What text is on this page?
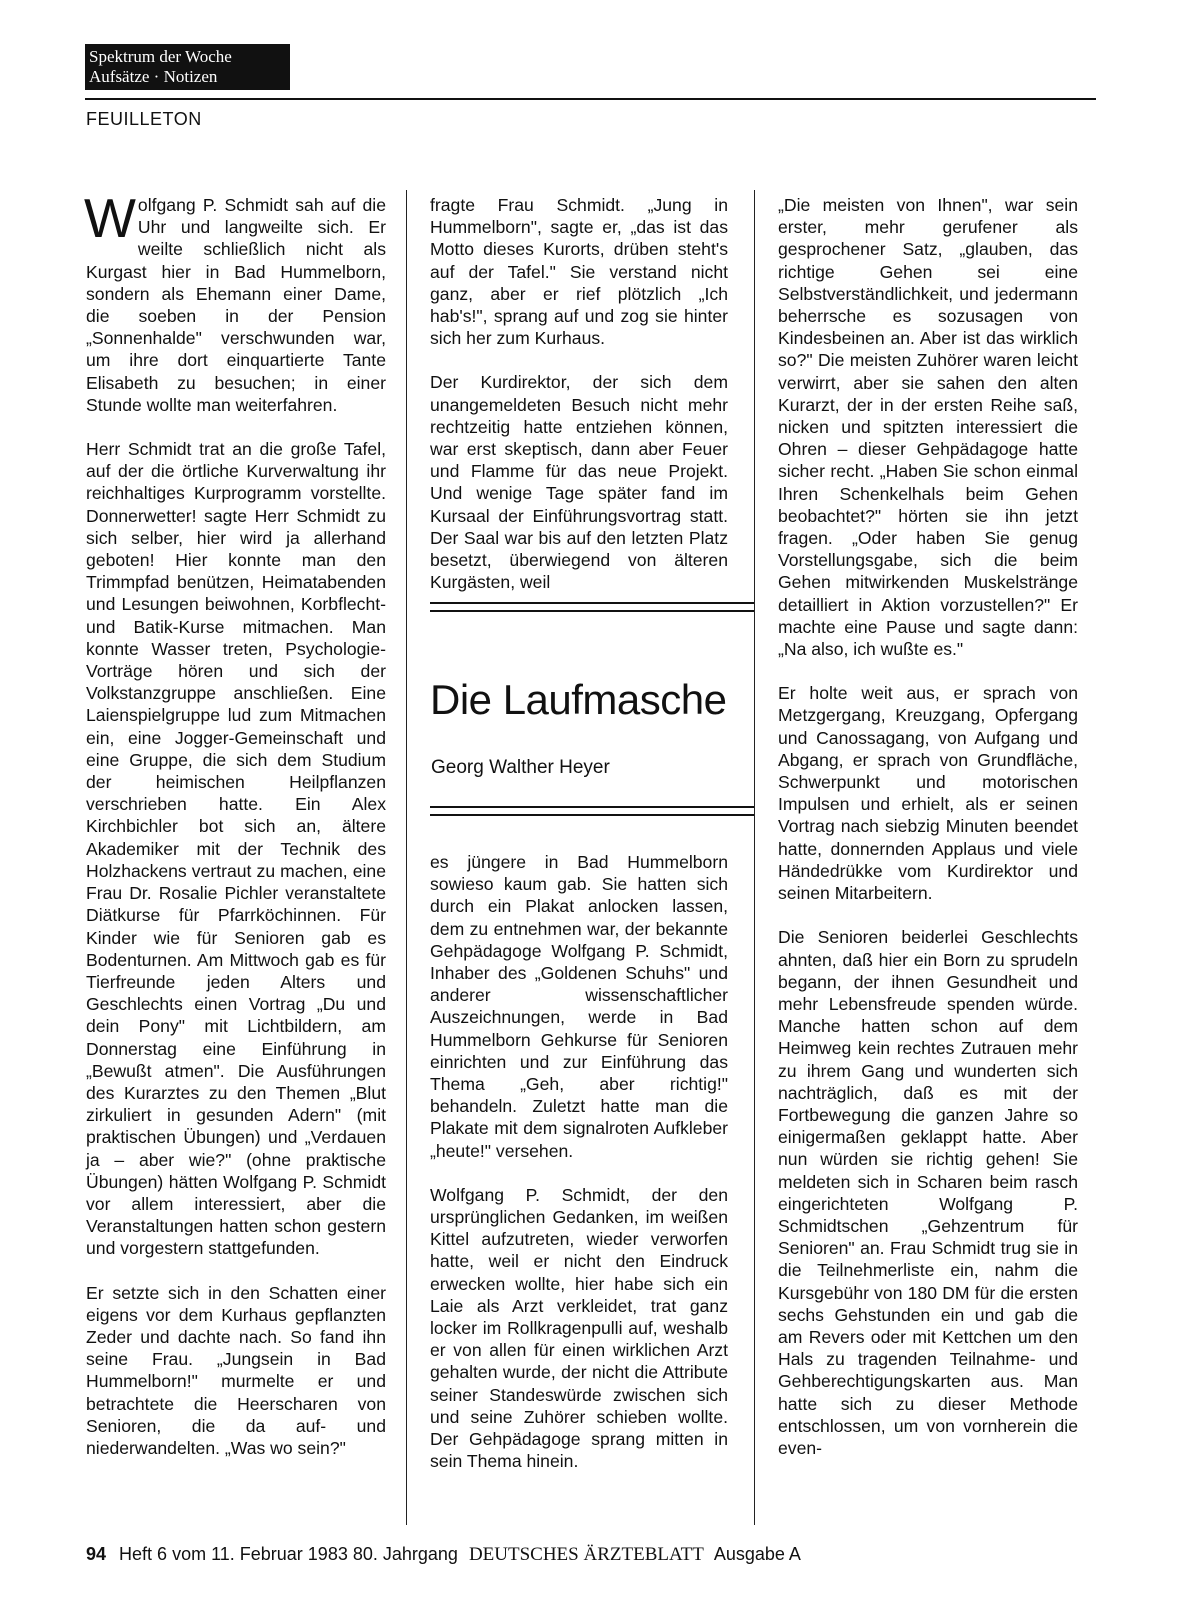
Spektrum der Woche
Aufsätze · Notizen
FEUILLETON

Wolfgang P. Schmidt sah auf die Uhr und langweilte sich. Er weilte schließlich nicht als Kurgast hier in Bad Hummelborn, sondern als Ehemann einer Dame, die soeben in der Pension „Sonnenhalde" verschwunden war, um ihre dort einquartierte Tante Elisabeth zu besuchen; in einer Stunde wollte man weiterfahren.

Herr Schmidt trat an die große Tafel, auf der die örtliche Kurverwaltung ihr reichhaltiges Kurprogramm vorstellte. Donnerwetter! sagte Herr Schmidt zu sich selber, hier wird ja allerhand geboten! Hier konnte man den Trimmpfad benützen, Heimatabenden und Lesungen beiwohnen, Korbflecht- und Batik-Kurse mitmachen. Man konnte Wasser treten, Psychologie-Vorträge hören und sich der Volkstanzgruppe anschließen. Eine Laienspielgruppe lud zum Mitmachen ein, eine Jogger-Gemeinschaft und eine Gruppe, die sich dem Studium der heimischen Heilpflanzen verschrieben hatte. Ein Alex Kirchbichler bot sich an, ältere Akademiker mit der Technik des Holzhackens vertraut zu machen, eine Frau Dr. Rosalie Pichler veranstaltete Diätkurse für Pfarrköchinnen. Für Kinder wie für Senioren gab es Bodenturnen. Am Mittwoch gab es für Tierfreunde jeden Alters und Geschlechts einen Vortrag „Du und dein Pony" mit Lichtbildern, am Donnerstag eine Einführung in „Bewußt atmen". Die Ausführungen des Kurarztes zu den Themen „Blut zirkuliert in gesunden Adern" (mit praktischen Übungen) und „Verdauen ja – aber wie?" (ohne praktische Übungen) hätten Wolfgang P. Schmidt vor allem interessiert, aber die Veranstaltungen hatten schon gestern und vorgestern stattgefunden.

Er setzte sich in den Schatten einer eigens vor dem Kurhaus gepflanzten Zeder und dachte nach. So fand ihn seine Frau. „Jungsein in Bad Hummelborn!" murmelte er und betrachtete die Heerscharen von Senioren, die da auf- und niederwandelten. „Was wo sein?"

fragte Frau Schmidt. „Jung in Hummelborn", sagte er, „das ist das Motto dieses Kurorts, drüben steht's auf der Tafel." Sie verstand nicht ganz, aber er rief plötzlich „Ich hab's!", sprang auf und zog sie hinter sich her zum Kurhaus.

Der Kurdirektor, der sich dem unangemeldeten Besuch nicht mehr rechtzeitig hatte entziehen können, war erst skeptisch, dann aber Feuer und Flamme für das neue Projekt. Und wenige Tage später fand im Kursaal der Einführungsvortrag statt. Der Saal war bis auf den letzten Platz besetzt, überwiegend von älteren Kurgästen, weil

Die Laufmasche
Georg Walther Heyer

es jüngere in Bad Hummelborn sowieso kaum gab. Sie hatten sich durch ein Plakat anlocken lassen, dem zu entnehmen war, der bekannte Gehpädagoge Wolfgang P. Schmidt, Inhaber des „Goldenen Schuhs" und anderer wissenschaftlicher Auszeichnungen, werde in Bad Hummelborn Gehkurse für Senioren einrichten und zur Einführung das Thema „Geh, aber richtig!" behandeln. Zuletzt hatte man die Plakate mit dem signalroten Aufkleber „heute!" versehen.

Wolfgang P. Schmidt, der den ursprünglichen Gedanken, im weißen Kittel aufzutreten, wieder verworfen hatte, weil er nicht den Eindruck erwecken wollte, hier habe sich ein Laie als Arzt verkleidet, trat ganz locker im Rollkragenpulli auf, weshalb er von allen für einen wirklichen Arzt gehalten wurde, der nicht die Attribute seiner Standeswürde zwischen sich und seine Zuhörer schieben wollte. Der Gehpädagoge sprang mitten in sein Thema hinein.

„Die meisten von Ihnen", war sein erster, mehr gerufener als gesprochener Satz, „glauben, das richtige Gehen sei eine Selbstverständlichkeit, und jedermann beherrsche es sozusagen von Kindesbeinen an. Aber ist das wirklich so?" Die meisten Zuhörer waren leicht verwirrt, aber sie sahen den alten Kurarzt, der in der ersten Reihe saß, nicken und spitzten interessiert die Ohren – dieser Gehpädagoge hatte sicher recht. „Haben Sie schon einmal Ihren Schenkelhals beim Gehen beobachtet?" hörten sie ihn jetzt fragen. „Oder haben Sie genug Vorstellungsgabe, sich die beim Gehen mitwirkenden Muskelstränge detailliert in Aktion vorzustellen?" Er machte eine Pause und sagte dann: „Na also, ich wußte es."

Er holte weit aus, er sprach von Metzgergang, Kreuzgang, Opfergang und Canossagang, von Aufgang und Abgang, er sprach von Grundfläche, Schwerpunkt und motorischen Impulsen und erhielt, als er seinen Vortrag nach siebzig Minuten beendet hatte, donnernden Applaus und viele Händedrükke vom Kurdirektor und seinen Mitarbeitern.

Die Senioren beiderlei Geschlechts ahnten, daß hier ein Born zu sprudeln begann, der ihnen Gesundheit und mehr Lebensfreude spenden würde. Manche hatten schon auf dem Heimweg kein rechtes Zutrauen mehr zu ihrem Gang und wunderten sich nachträglich, daß es mit der Fortbewegung die ganzen Jahre so einigermaßen geklappt hatte. Aber nun würden sie richtig gehen! Sie meldeten sich in Scharen beim rasch eingerichteten Wolfgang P. Schmidtschen „Gehzentrum für Senioren" an. Frau Schmidt trug sie in die Teilnehmerliste ein, nahm die Kursgebühr von 180 DM für die ersten sechs Gehstunden ein und gab die am Revers oder mit Kettchen um den Hals zu tragenden Teilnahme- und Gehberechtigungskarten aus. Man hatte sich zu dieser Methode entschlossen, um von vornherein die even-

94 Heft 6 vom 11. Februar 1983 80. Jahrgang DEUTSCHES ÄRZTEBLATT Ausgabe A
